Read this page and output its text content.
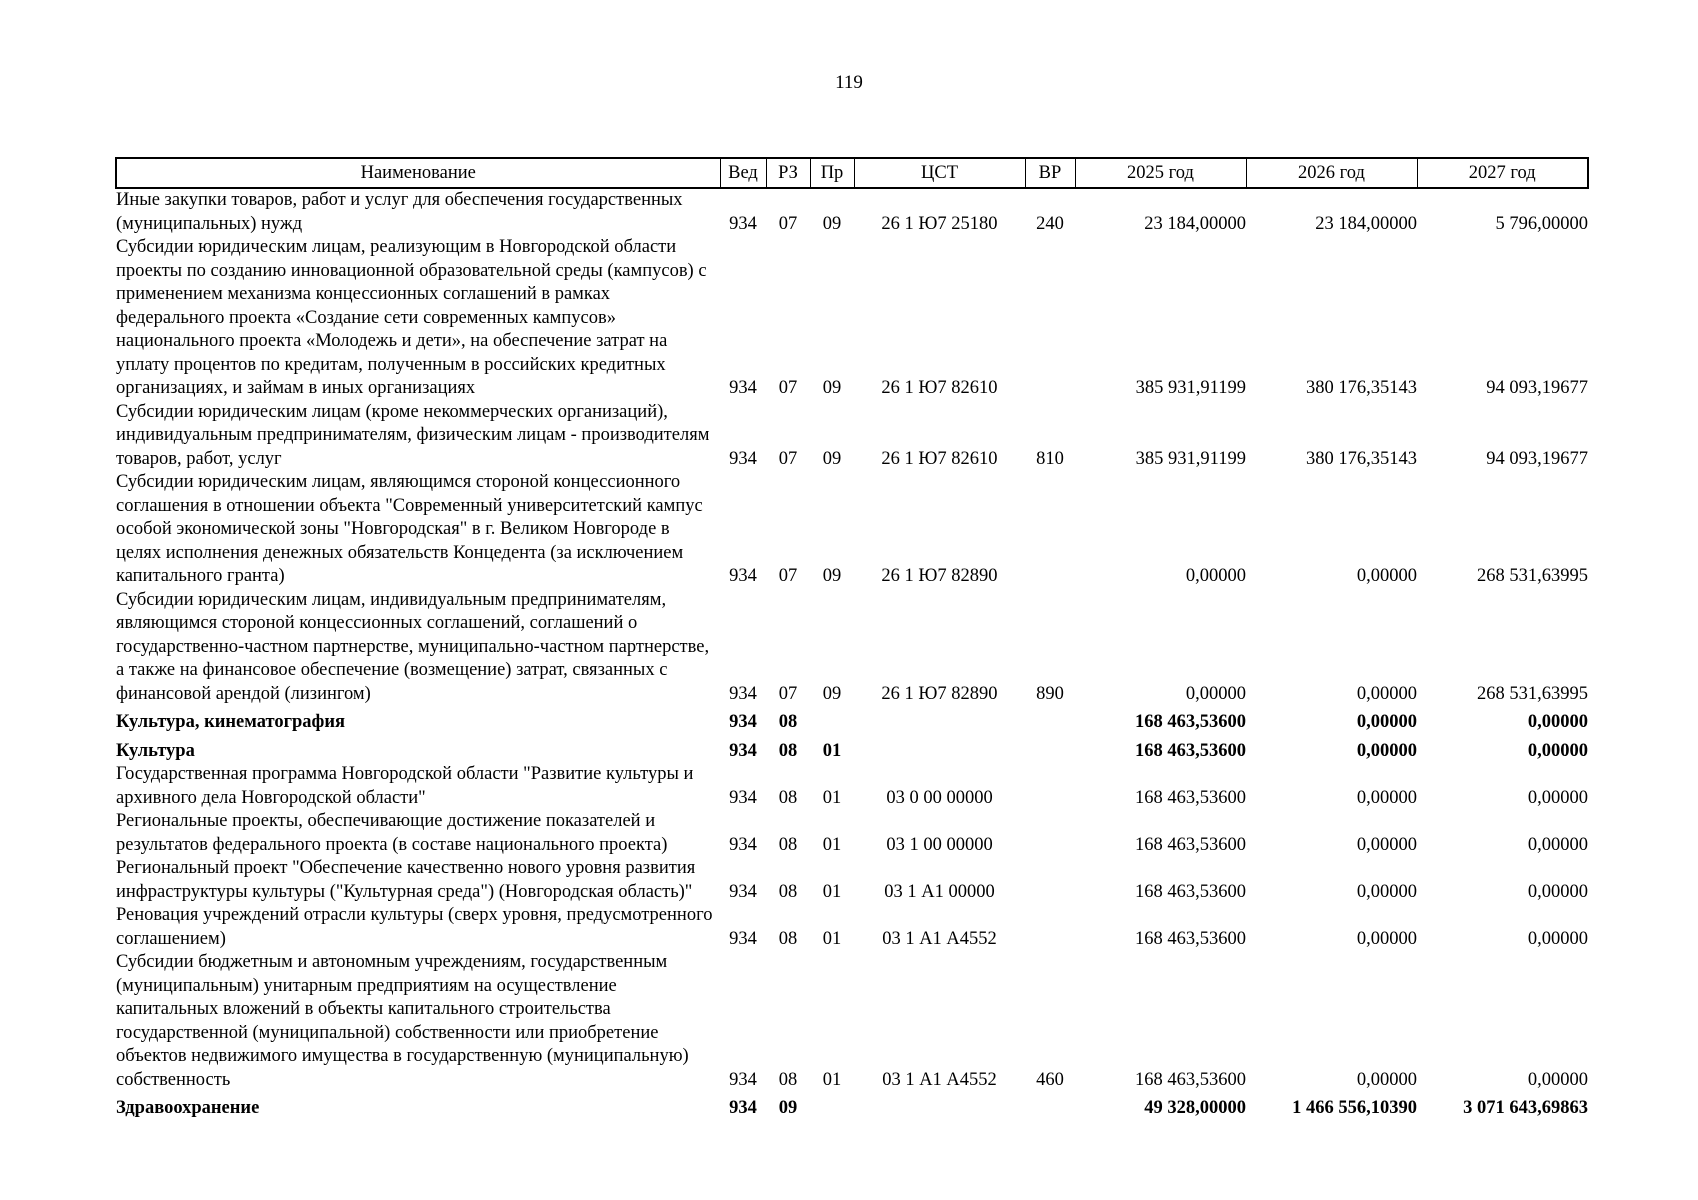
119
Наименование	Вед	РЗ	Пр	ЦСТ	ВР	2025 год	2026 год	2027 год
Иные закупки товаров, работ и услуг для обеспечения государственных (муниципальных) нужд	934	07	09	26 1 Ю7 25180	240	23 184,00000	23 184,00000	5 796,00000
Субсидии юридическим лицам, реализующим в Новгородской области проекты по созданию инновационной образовательной среды (кампусов) с применением механизма концессионных соглашений в рамках федерального проекта «Создание сети современных кампусов» национального проекта «Молодежь и дети», на обеспечение затрат на уплату процентов по кредитам, полученным в российских кредитных организациях, и займам в иных организациях	934	07	09	26 1 Ю7 82610		385 931,91199	380 176,35143	94 093,19677
Субсидии юридическим лицам (кроме некоммерческих организаций), индивидуальным предпринимателям, физическим лицам - производителям товаров, работ, услуг	934	07	09	26 1 Ю7 82610	810	385 931,91199	380 176,35143	94 093,19677
Субсидии юридическим лицам, являющимся стороной концессионного соглашения в отношении объекта "Современный университетский кампус особой экономической зоны "Новгородская" в г. Великом Новгороде в целях исполнения денежных обязательств Концедента (за исключением капитального гранта)	934	07	09	26 1 Ю7 82890		0,00000	0,00000	268 531,63995
Субсидии юридическим лицам, индивидуальным предпринимателям, являющимся стороной концессионных соглашений, соглашений о государственно-частном партнерстве, муниципально-частном партнерстве, а также на финансовое обеспечение (возмещение) затрат, связанных с финансовой арендой (лизингом)	934	07	09	26 1 Ю7 82890	890	0,00000	0,00000	268 531,63995
Культура, кинематография	934	08				168 463,53600	0,00000	0,00000
Культура	934	08	01			168 463,53600	0,00000	0,00000
Государственная программа Новгородской области "Развитие культуры и архивного дела Новгородской области"	934	08	01	03 0 00 00000		168 463,53600	0,00000	0,00000
Региональные проекты, обеспечивающие достижение показателей и результатов федерального проекта (в составе национального проекта)	934	08	01	03 1 00 00000		168 463,53600	0,00000	0,00000
Региональный проект "Обеспечение качественно нового уровня развития инфраструктуры культуры ("Культурная среда") (Новгородская область)"	934	08	01	03 1 А1 00000		168 463,53600	0,00000	0,00000
Реновация учреждений отрасли культуры (сверх уровня, предусмотренного соглашением)	934	08	01	03 1 А1 А4552		168 463,53600	0,00000	0,00000
Субсидии бюджетным и автономным учреждениям, государственным (муниципальным) унитарным предприятиям на осуществление капитальных вложений в объекты капитального строительства государственной (муниципальной) собственности или приобретение объектов недвижимого имущества в государственную (муниципальную) собственность	934	08	01	03 1 А1 А4552	460	168 463,53600	0,00000	0,00000
Здравоохранение	934	09				49 328,00000	1 466 556,10390	3 071 643,69863
